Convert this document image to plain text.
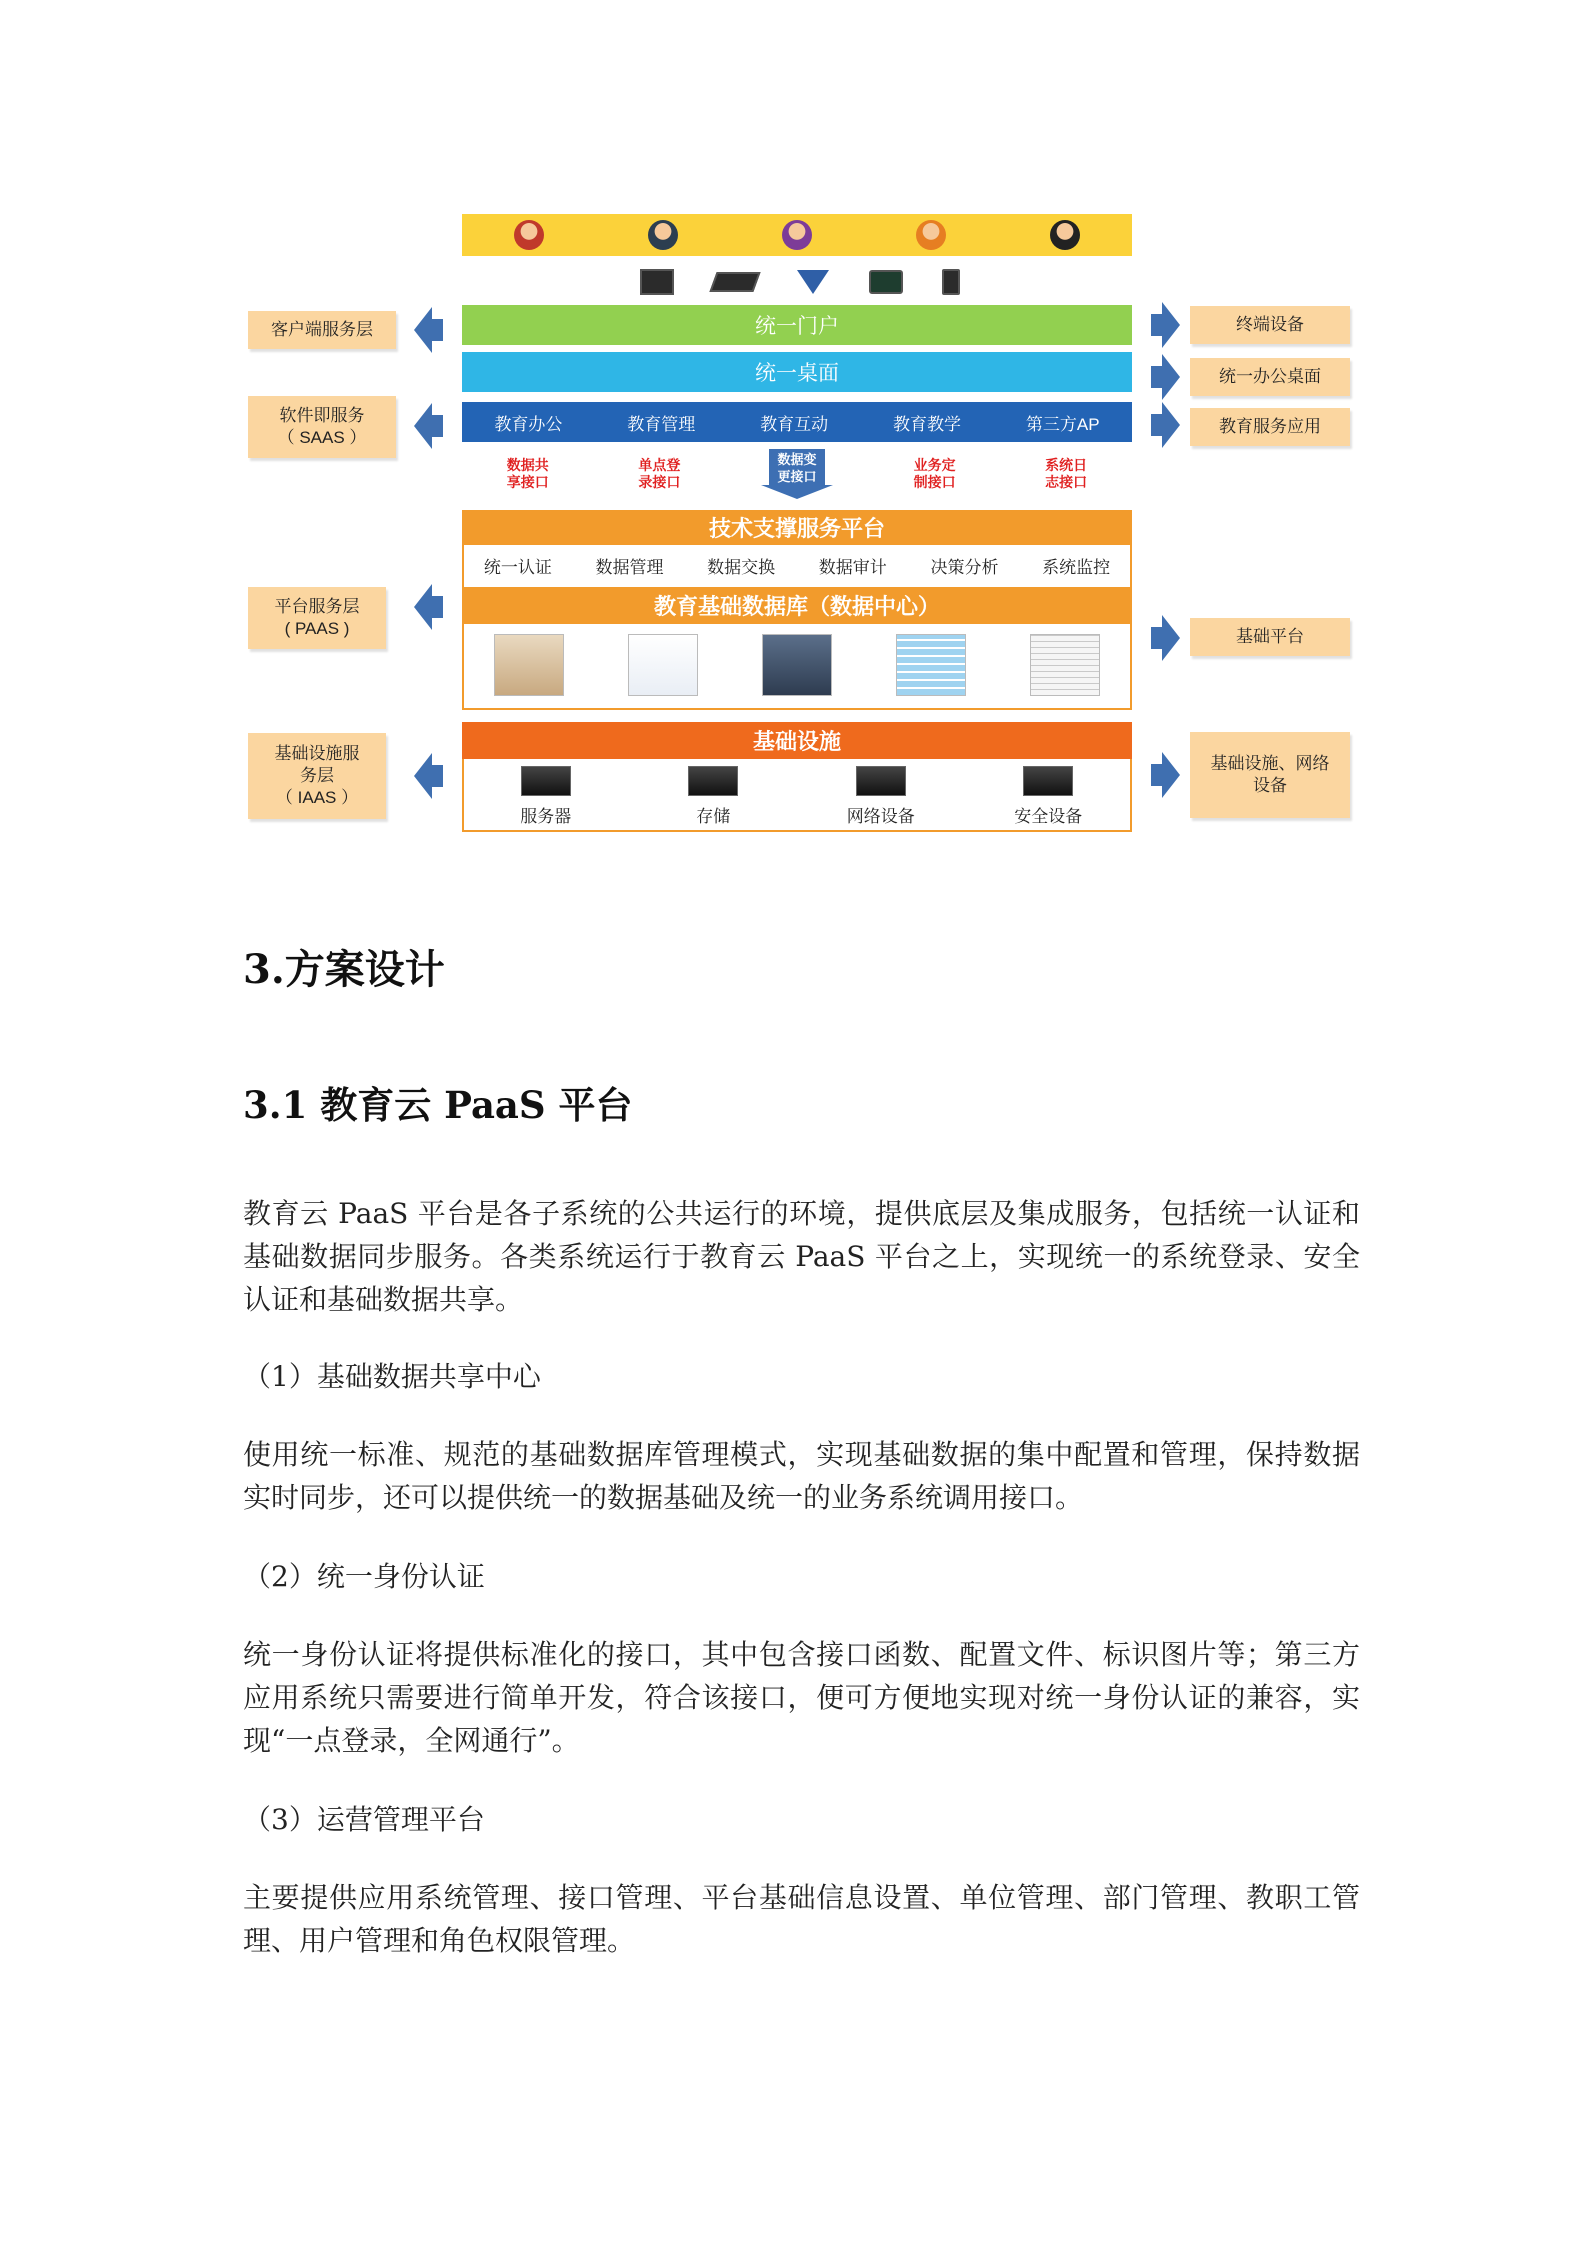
统一门户
统一桌面
教育办公	教育管理	教育互动	教育教学	第三方AP
数据共
享接口
单点登
录接口
数据变
更接口
业务定
制接口
系统日
志接口
技术支撑服务平台
统一认证	数据管理	数据交换	数据审计	决策分析	系统监控
教育基础数据库（数据中心）
基础设施
服务器	存储	网络设备	安全设备
客户端服务层
软件即服务
（ SAAS ）
平台服务层
( PAAS )
基础设施服
务层
（ IAAS ）
终端设备
统一办公桌面
教育服务应用
基础平台
基础设施、网络
设备
3.方案设计
3.1 教育云 PaaS 平台
教育云 PaaS 平台是各子系统的公共运行的环境，提供底层及集成服务，包括统一认证和基础数据同步服务。各类系统运行于教育云 PaaS 平台之上，实现统一的系统登录、安全认证和基础数据共享。
（1）基础数据共享中心
使用统一标准、规范的基础数据库管理模式，实现基础数据的集中配置和管理，保持数据实时同步，还可以提供统一的数据基础及统一的业务系统调用接口。
（2）统一身份认证
统一身份认证将提供标准化的接口，其中包含接口函数、配置文件、标识图片等；第三方应用系统只需要进行简单开发，符合该接口，便可方便地实现对统一身份认证的兼容，实现“一点登录，全网通行”。
（3）运营管理平台
主要提供应用系统管理、接口管理、平台基础信息设置、单位管理、部门管理、教职工管理、用户管理和角色权限管理。
